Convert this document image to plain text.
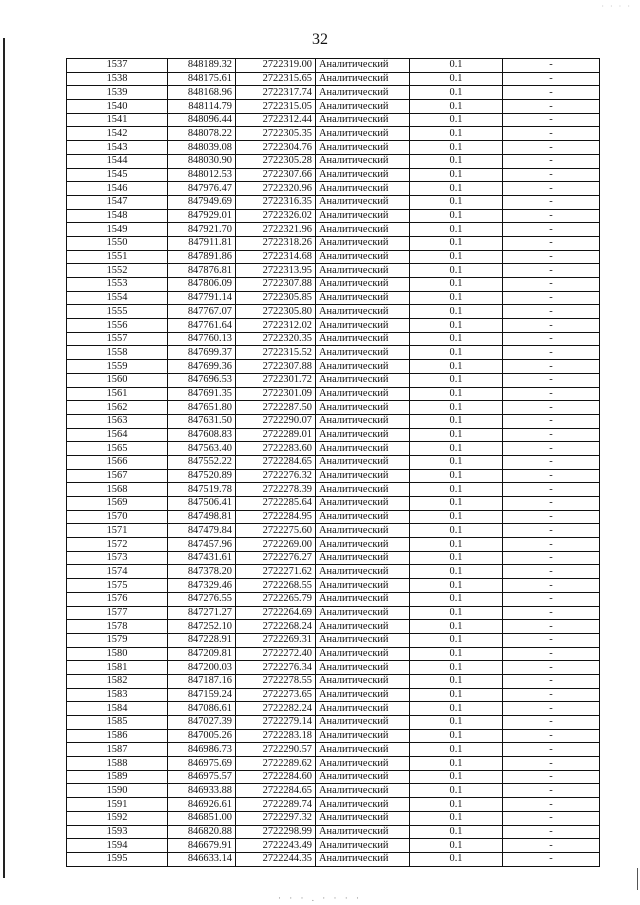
· · · ·
32
1537	848189.32	2722319.00	Аналитический	0.1	-
1538	848175.61	2722315.65	Аналитический	0.1	-
1539	848168.96	2722317.74	Аналитический	0.1	-
1540	848114.79	2722315.05	Аналитический	0.1	-
1541	848096.44	2722312.44	Аналитический	0.1	-
1542	848078.22	2722305.35	Аналитический	0.1	-
1543	848039.08	2722304.76	Аналитический	0.1	-
1544	848030.90	2722305.28	Аналитический	0.1	-
1545	848012.53	2722307.66	Аналитический	0.1	-
1546	847976.47	2722320.96	Аналитический	0.1	-
1547	847949.69	2722316.35	Аналитический	0.1	-
1548	847929.01	2722326.02	Аналитический	0.1	-
1549	847921.70	2722321.96	Аналитический	0.1	-
1550	847911.81	2722318.26	Аналитический	0.1	-
1551	847891.86	2722314.68	Аналитический	0.1	-
1552	847876.81	2722313.95	Аналитический	0.1	-
1553	847806.09	2722307.88	Аналитический	0.1	-
1554	847791.14	2722305.85	Аналитический	0.1	-
1555	847767.07	2722305.80	Аналитический	0.1	-
1556	847761.64	2722312.02	Аналитический	0.1	-
1557	847760.13	2722320.35	Аналитический	0.1	-
1558	847699.37	2722315.52	Аналитический	0.1	-
1559	847699.36	2722307.88	Аналитический	0.1	-
1560	847696.53	2722301.72	Аналитический	0.1	-
1561	847691.35	2722301.09	Аналитический	0.1	-
1562	847651.80	2722287.50	Аналитический	0.1	-
1563	847631.50	2722290.07	Аналитический	0.1	-
1564	847608.83	2722289.01	Аналитический	0.1	-
1565	847563.40	2722283.60	Аналитический	0.1	-
1566	847552.22	2722284.65	Аналитический	0.1	-
1567	847520.89	2722276.32	Аналитический	0.1	-
1568	847519.78	2722278.39	Аналитический	0.1	-
1569	847506.41	2722285.64	Аналитический	0.1	-
1570	847498.81	2722284.95	Аналитический	0.1	-
1571	847479.84	2722275.60	Аналитический	0.1	-
1572	847457.96	2722269.00	Аналитический	0.1	-
1573	847431.61	2722276.27	Аналитический	0.1	-
1574	847378.20	2722271.62	Аналитический	0.1	-
1575	847329.46	2722268.55	Аналитический	0.1	-
1576	847276.55	2722265.79	Аналитический	0.1	-
1577	847271.27	2722264.69	Аналитический	0.1	-
1578	847252.10	2722268.24	Аналитический	0.1	-
1579	847228.91	2722269.31	Аналитический	0.1	-
1580	847209.81	2722272.40	Аналитический	0.1	-
1581	847200.03	2722276.34	Аналитический	0.1	-
1582	847187.16	2722278.55	Аналитический	0.1	-
1583	847159.24	2722273.65	Аналитический	0.1	-
1584	847086.61	2722282.24	Аналитический	0.1	-
1585	847027.39	2722279.14	Аналитический	0.1	-
1586	847005.26	2722283.18	Аналитический	0.1	-
1587	846986.73	2722290.57	Аналитический	0.1	-
1588	846975.69	2722289.62	Аналитический	0.1	-
1589	846975.57	2722284.60	Аналитический	0.1	-
1590	846933.88	2722284.65	Аналитический	0.1	-
1591	846926.61	2722289.74	Аналитический	0.1	-
1592	846851.00	2722297.32	Аналитический	0.1	-
1593	846820.88	2722298.99	Аналитический	0.1	-
1594	846679.91	2722243.49	Аналитический	0.1	-
1595	846633.14	2722244.35	Аналитический	0.1	-
· · · . · · · ·
